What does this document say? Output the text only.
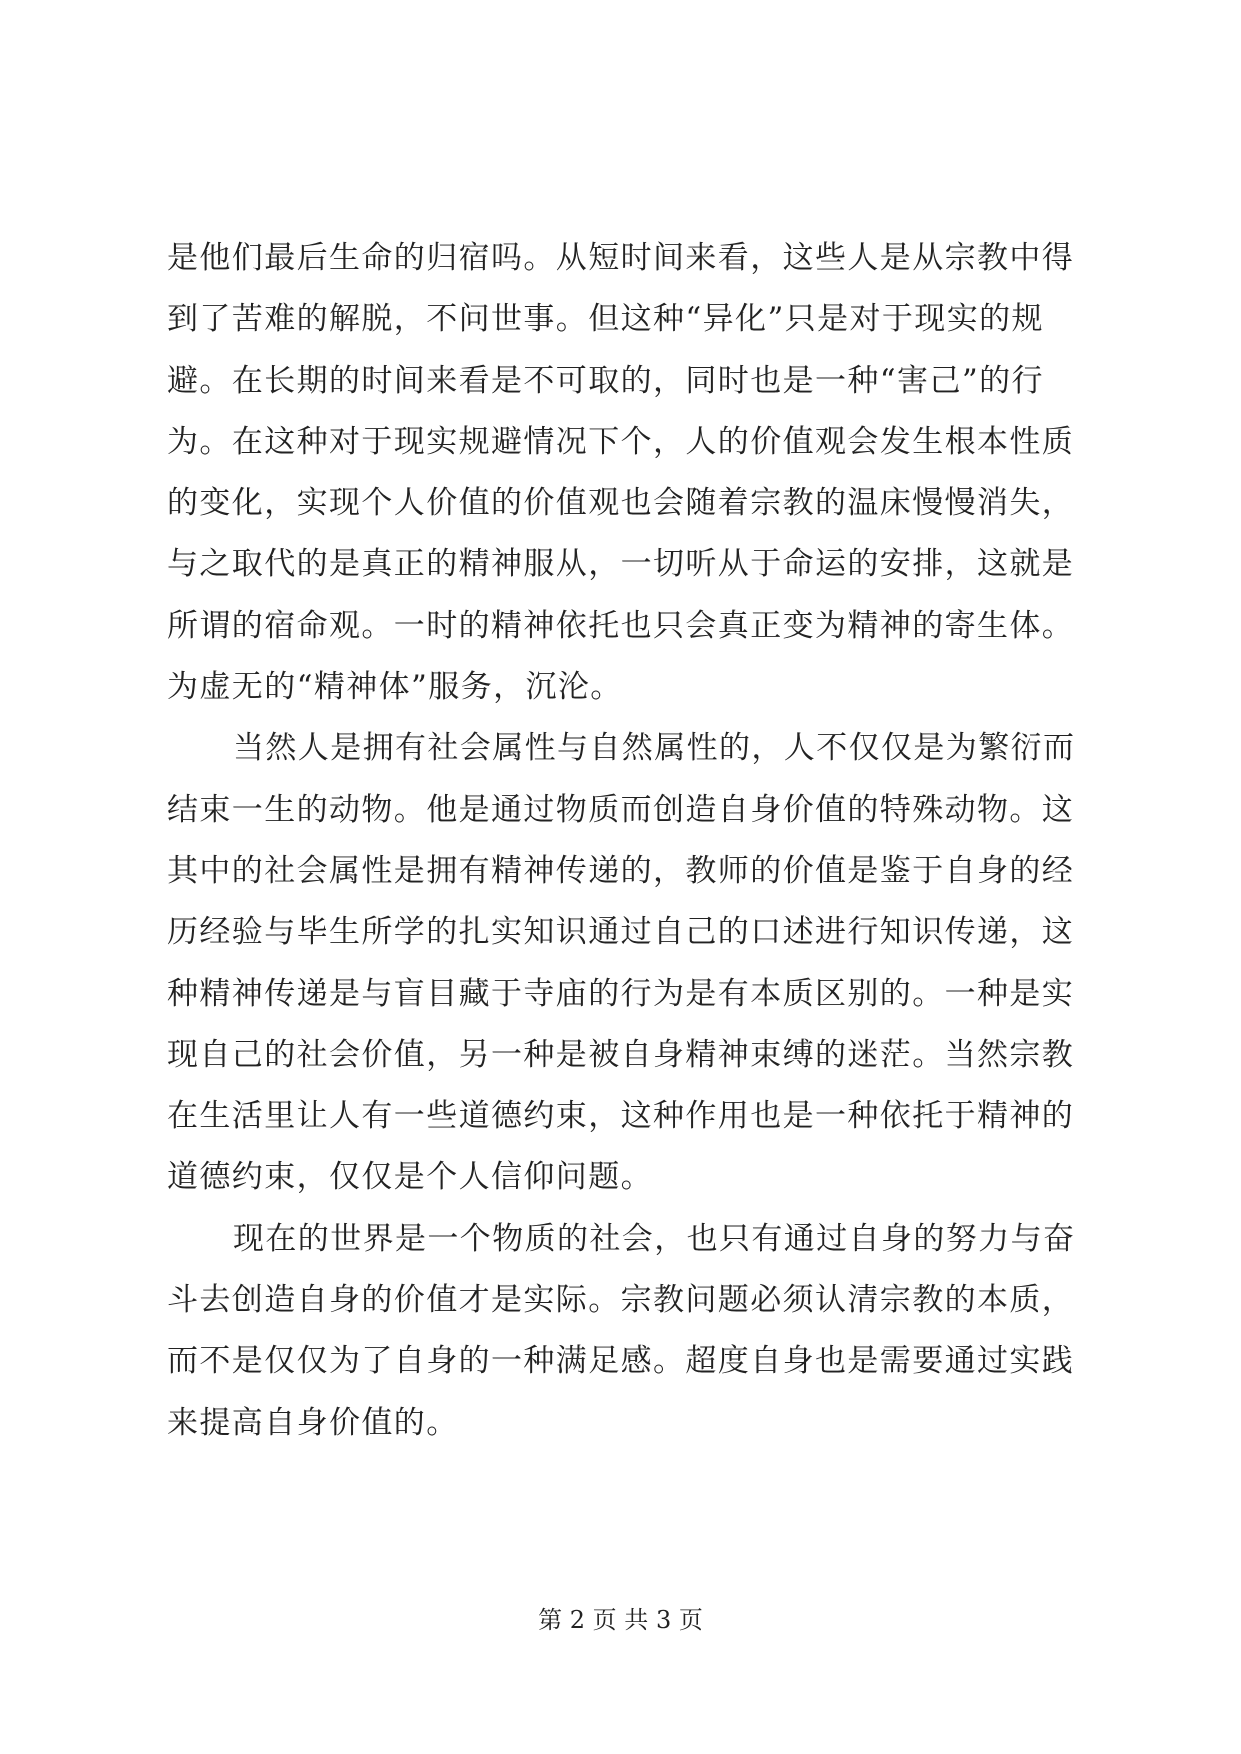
是他们最后生命的归宿吗。从短时间来看，这些人是从宗教中得
到了苦难的解脱，不问世事。但这种“异化”只是对于现实的规
避。在长期的时间来看是不可取的，同时也是一种“害己”的行
为。在这种对于现实规避情况下个，人的价值观会发生根本性质
的变化，实现个人价值的价值观也会随着宗教的温床慢慢消失，
与之取代的是真正的精神服从，一切听从于命运的安排，这就是
所谓的宿命观。一时的精神依托也只会真正变为精神的寄生体。
为虚无的“精神体”服务，沉沦。
当然人是拥有社会属性与自然属性的，人不仅仅是为繁衍而
结束一生的动物。他是通过物质而创造自身价值的特殊动物。这
其中的社会属性是拥有精神传递的，教师的价值是鉴于自身的经
历经验与毕生所学的扎实知识通过自己的口述进行知识传递，这
种精神传递是与盲目藏于寺庙的行为是有本质区别的。一种是实
现自己的社会价值，另一种是被自身精神束缚的迷茫。当然宗教
在生活里让人有一些道德约束，这种作用也是一种依托于精神的
道德约束，仅仅是个人信仰问题。
现在的世界是一个物质的社会，也只有通过自身的努力与奋
斗去创造自身的价值才是实际。宗教问题必须认清宗教的本质，
而不是仅仅为了自身的一种满足感。超度自身也是需要通过实践
来提高自身价值的。
第 2 页 共 3 页
